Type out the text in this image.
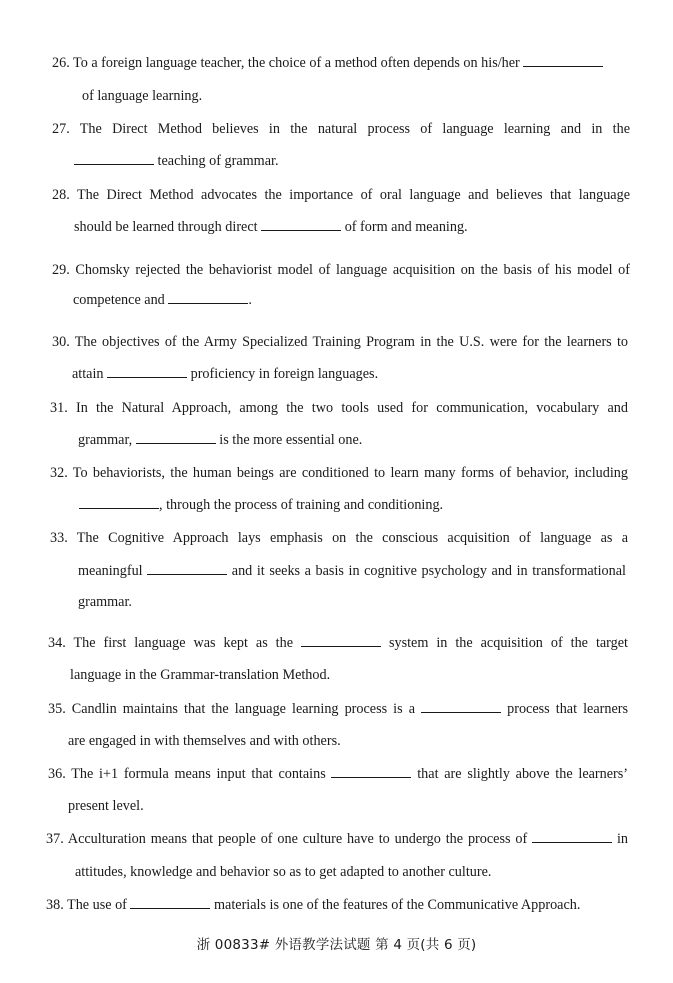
26. To a foreign language teacher, the choice of a method often depends on his/her
of language learning.
27. The Direct Method believes in the natural process of language learning and in the
teaching of grammar.
28. The Direct Method advocates the importance of oral language and believes that language
should be learned through direct	of form and meaning.
29. Chomsky rejected the behaviorist model of language acquisition on the basis of his model of
competence and	.
30. The objectives of the Army Specialized Training Program in the U.S. were for the learners to
attain	proficiency in foreign languages.
31. In the Natural Approach, among the two tools used for communication, vocabulary and
grammar,	is the more essential one.
32. To behaviorists, the human beings are conditioned to learn many forms of behavior, including
, through the process of training and conditioning.
33. The Cognitive Approach lays emphasis on the conscious acquisition of language as a
meaningful	and it seeks a basis in cognitive psychology and in transformational
grammar.
34. The first language was kept as the	system in the acquisition of the target
language in the Grammar-translation Method.
35. Candlin maintains that the language learning process is a	process that learners
are engaged in with themselves and with others.
36. The i+1 formula means input that contains	that are slightly above the learners’
present level.
37. Acculturation means that people of one culture have to undergo the process of	in
attitudes, knowledge and behavior so as to get adapted to another culture.
38. The use of	materials is one of the features of the Communicative Approach.
浙 00833# 外语教学法试题 第 4 页(共 6 页)
